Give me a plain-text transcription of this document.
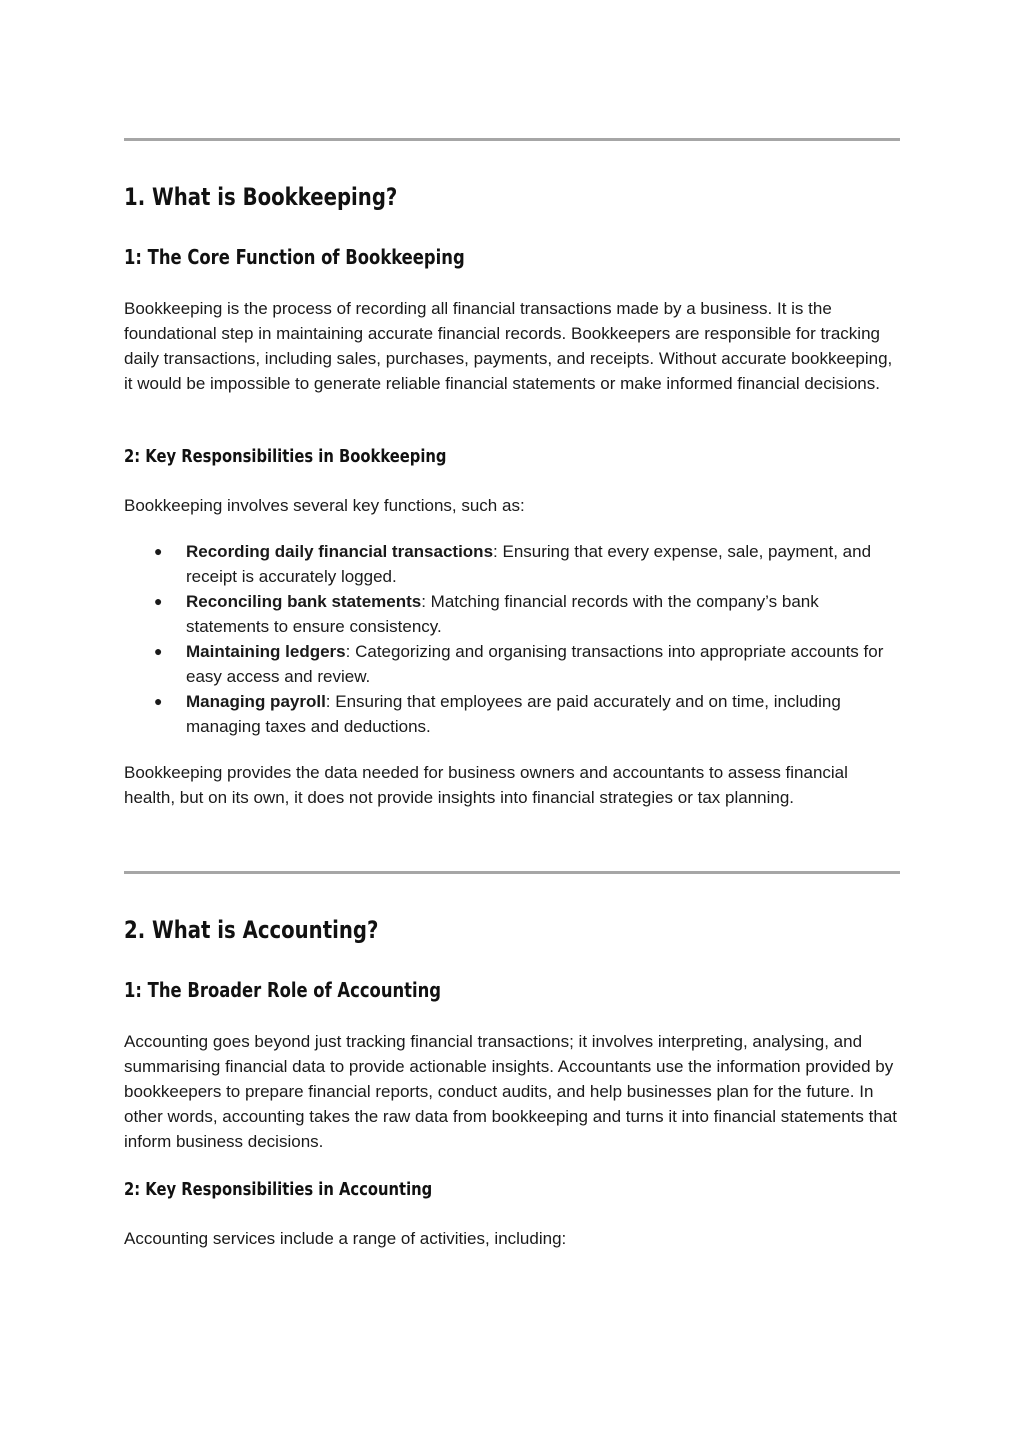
1. What is Bookkeeping?
1: The Core Function of Bookkeeping

Bookkeeping is the process of recording all financial transactions made by a business. It is the foundational step in maintaining accurate financial records. Bookkeepers are responsible for tracking daily transactions, including sales, purchases, payments, and receipts. Without accurate bookkeeping, it would be impossible to generate reliable financial statements or make informed financial decisions.

2: Key Responsibilities in Bookkeeping

Bookkeeping involves several key functions, such as:

● Recording daily financial transactions: Ensuring that every expense, sale, payment, and receipt is accurately logged.
● Reconciling bank statements: Matching financial records with the company’s bank statements to ensure consistency.
● Maintaining ledgers: Categorizing and organising transactions into appropriate accounts for easy access and review.
● Managing payroll: Ensuring that employees are paid accurately and on time, including managing taxes and deductions.

Bookkeeping provides the data needed for business owners and accountants to assess financial health, but on its own, it does not provide insights into financial strategies or tax planning.

2. What is Accounting?
1: The Broader Role of Accounting

Accounting goes beyond just tracking financial transactions; it involves interpreting, analysing, and summarising financial data to provide actionable insights. Accountants use the information provided by bookkeepers to prepare financial reports, conduct audits, and help businesses plan for the future. In other words, accounting takes the raw data from bookkeeping and turns it into financial statements that inform business decisions.

2: Key Responsibilities in Accounting

Accounting services include a range of activities, including:
